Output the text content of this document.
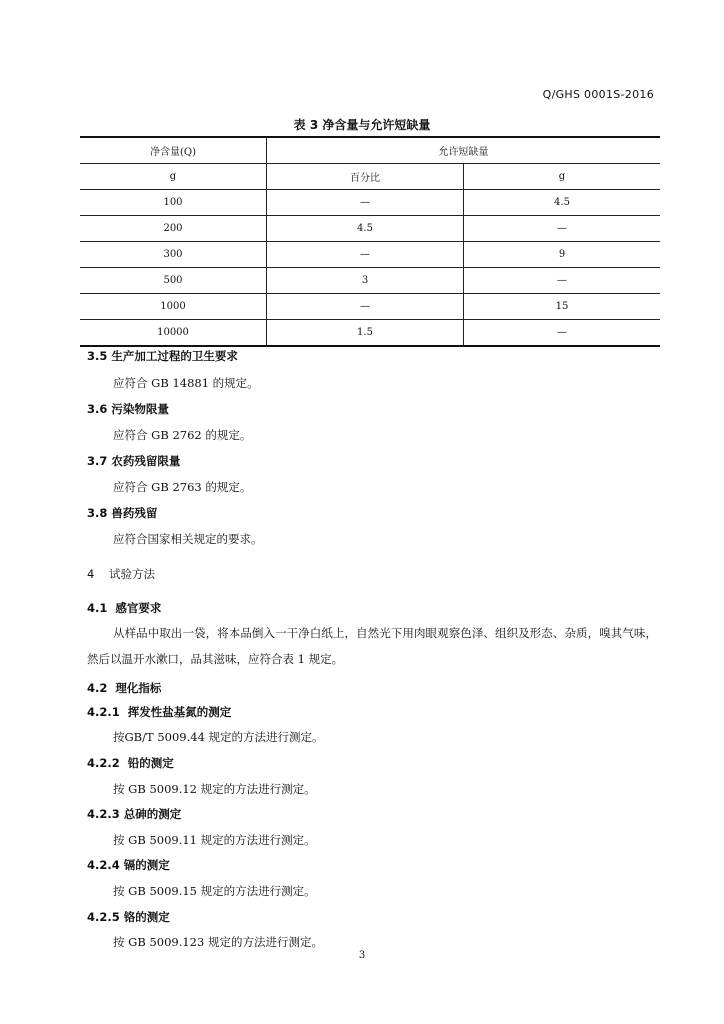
Q/GHS 0001S-2016
表 3 净含量与允许短缺量
净含量(Q)	允许短缺量	
g	百分比	g
100	—	4.5
200	4.5	—
300	—	9
500	3	—
1000	—	15
10000	1.5	—
3.5 生产加工过程的卫生要求
应符合 GB 14881 的规定。
3.6 污染物限量
应符合 GB 2762 的规定。
3.7 农药残留限量
应符合 GB 2763 的规定。
3.8 兽药残留
应符合国家相关规定的要求。
4    试验方法
4.1  感官要求
从样品中取出一袋，将本品倒入一干净白纸上，自然光下用肉眼观察色泽、组织及形态、杂质，嗅其气味，然后以温开水漱口，品其滋味，应符合表 1 规定。
4.2  理化指标
4.2.1  挥发性盐基氮的测定
按GB/T 5009.44 规定的方法进行测定。
4.2.2  铅的测定
按 GB 5009.12 规定的方法进行测定。
4.2.3 总砷的测定
按 GB 5009.11 规定的方法进行测定。
4.2.4 镉的测定
按 GB 5009.15 规定的方法进行测定。
4.2.5 铬的测定
按 GB 5009.123 规定的方法进行测定。
3
